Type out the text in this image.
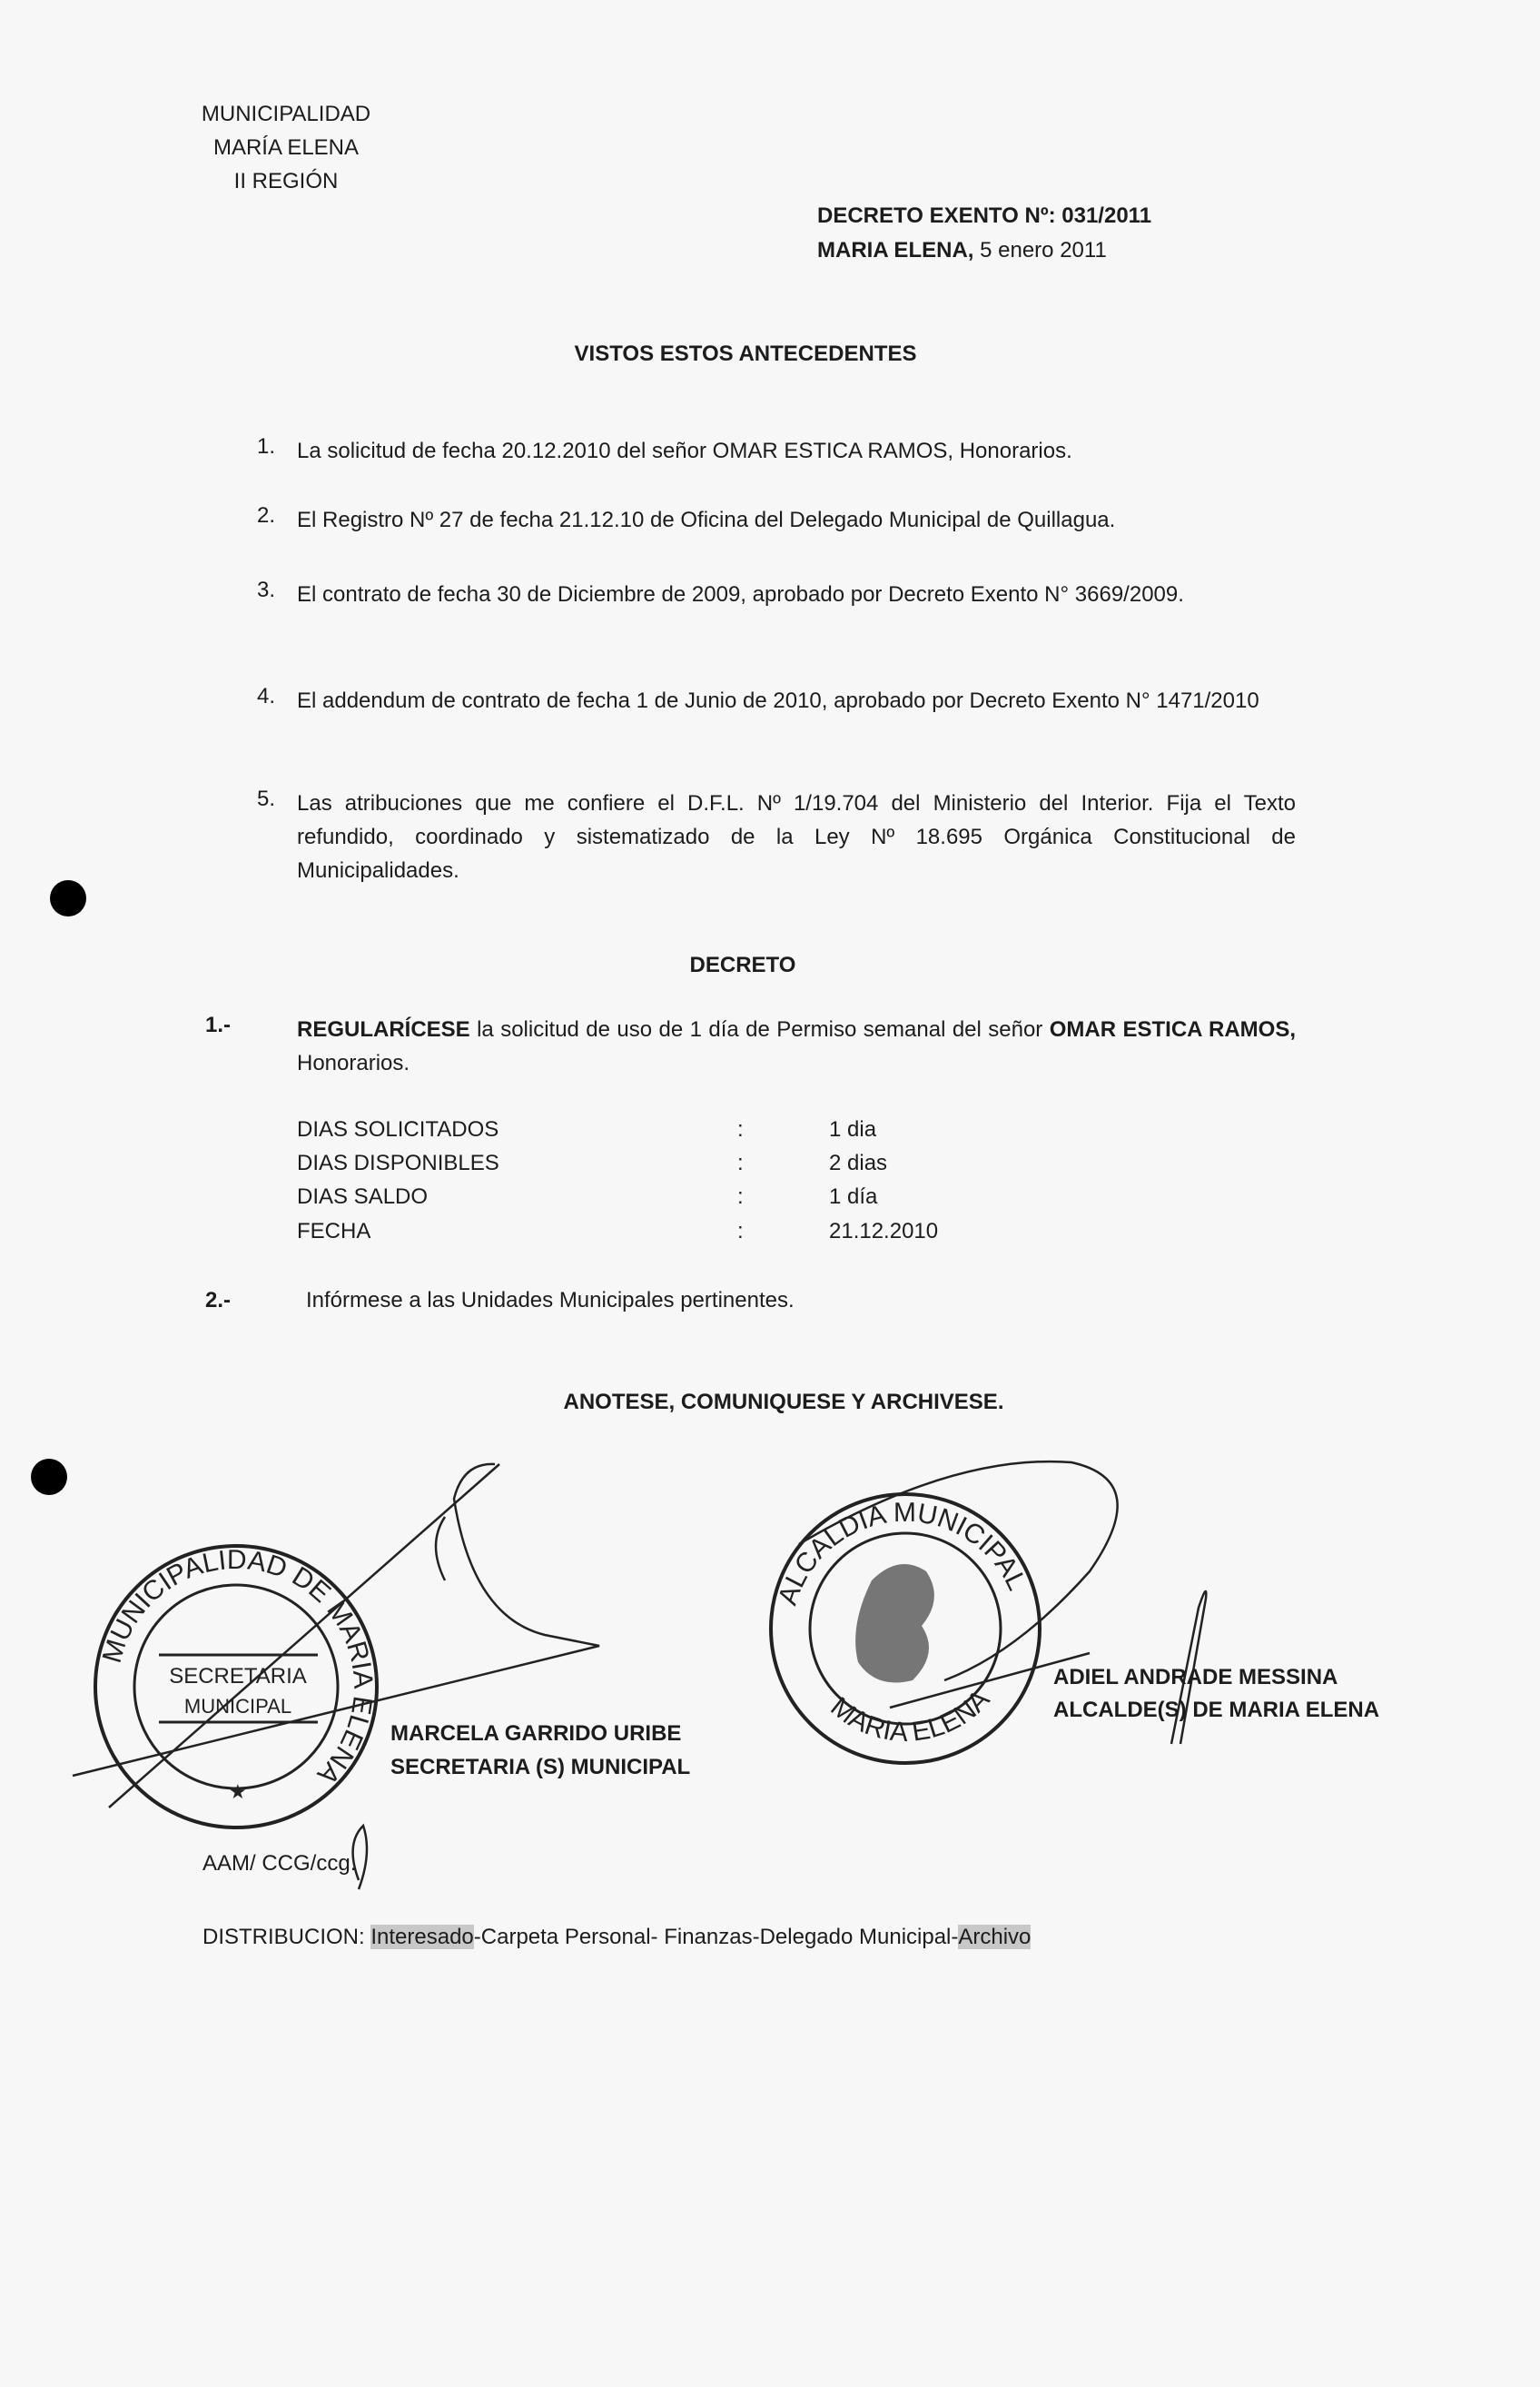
MUNICIPALIDAD
MARÍA ELENA
II REGIÓN
DECRETO EXENTO Nº: 031/2011
MARIA ELENA, 5 enero 2011
VISTOS ESTOS ANTECEDENTES
1. La solicitud de fecha 20.12.2010 del señor OMAR ESTICA RAMOS, Honorarios.
2. El Registro Nº 27 de fecha 21.12.10 de Oficina del Delegado Municipal de Quillagua.
3. El contrato de fecha 30 de Diciembre de 2009, aprobado por Decreto Exento N° 3669/2009.
4. El addendum de contrato de fecha 1 de Junio de 2010, aprobado por Decreto Exento N° 1471/2010
5. Las atribuciones que me confiere el D.F.L. Nº 1/19.704 del Ministerio del Interior. Fija el Texto refundido, coordinado y sistematizado de la Ley Nº 18.695 Orgánica Constitucional de Municipalidades.
DECRETO
1.-	REGULARÍCESE la solicitud de uso de 1 día de Permiso semanal del señor OMAR ESTICA RAMOS, Honorarios.
DIAS SOLICITADOS	:	1 dia
DIAS DISPONIBLES	:	2 dias
DIAS SALDO	:	1 día
FECHA	:	21.12.2010
2.-	Infórmese a las Unidades Municipales pertinentes.
ANOTESE, COMUNIQUESE Y ARCHIVESE.
MUNICIPALIDAD DE MARIA ELENA
SECRETARIA
MUNICIPAL
★
ALCALDIA MUNICIPAL
MARIA ELENA
MARCELA GARRIDO URIBE
SECRETARIA (S) MUNICIPAL
ADIEL ANDRADE MESSINA
ALCALDE(S) DE MARIA ELENA
AAM/ CCG/ccg.
DISTRIBUCION: Interesado-Carpeta Personal- Finanzas-Delegado Municipal-Archivo
